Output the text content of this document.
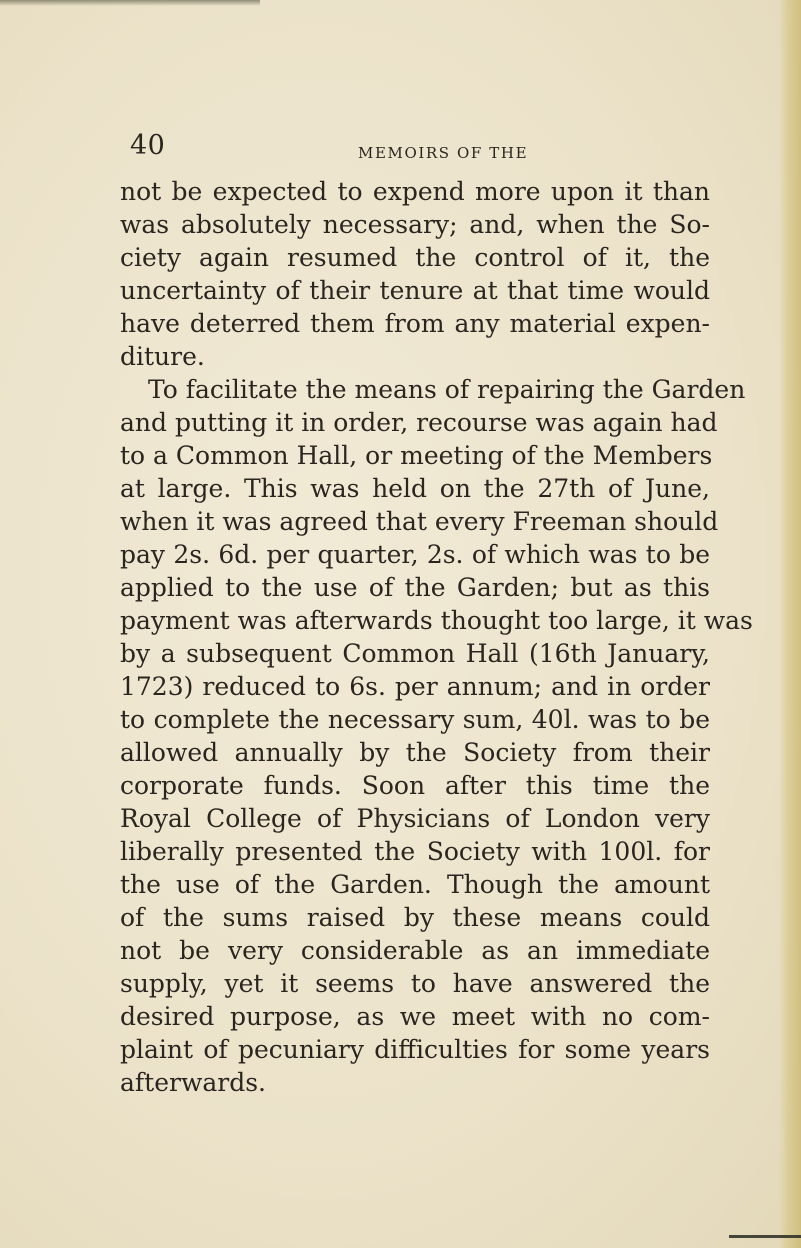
40	MEMOIRS OF THE
not be expected to expend more upon it than
was absolutely necessary; and, when the So-
ciety again resumed the control of it, the
uncertainty of their tenure at that time would
have deterred them from any material expen-
diture.
To facilitate the means of repairing the Garden
and putting it in order, recourse was again had
to a Common Hall, or meeting of the Members
at large. This was held on the 27th of June,
when it was agreed that every Freeman should
pay 2s. 6d. per quarter, 2s. of which was to be
applied to the use of the Garden; but as this
payment was afterwards thought too large, it was
by a subsequent Common Hall (16th January,
1723) reduced to 6s. per annum; and in order
to complete the necessary sum, 40l. was to be
allowed annually by the Society from their
corporate funds. Soon after this time the
Royal College of Physicians of London very
liberally presented the Society with 100l. for
the use of the Garden. Though the amount
of the sums raised by these means could
not be very considerable as an immediate
supply, yet it seems to have answered the
desired purpose, as we meet with no com-
plaint of pecuniary difficulties for some years
afterwards.
